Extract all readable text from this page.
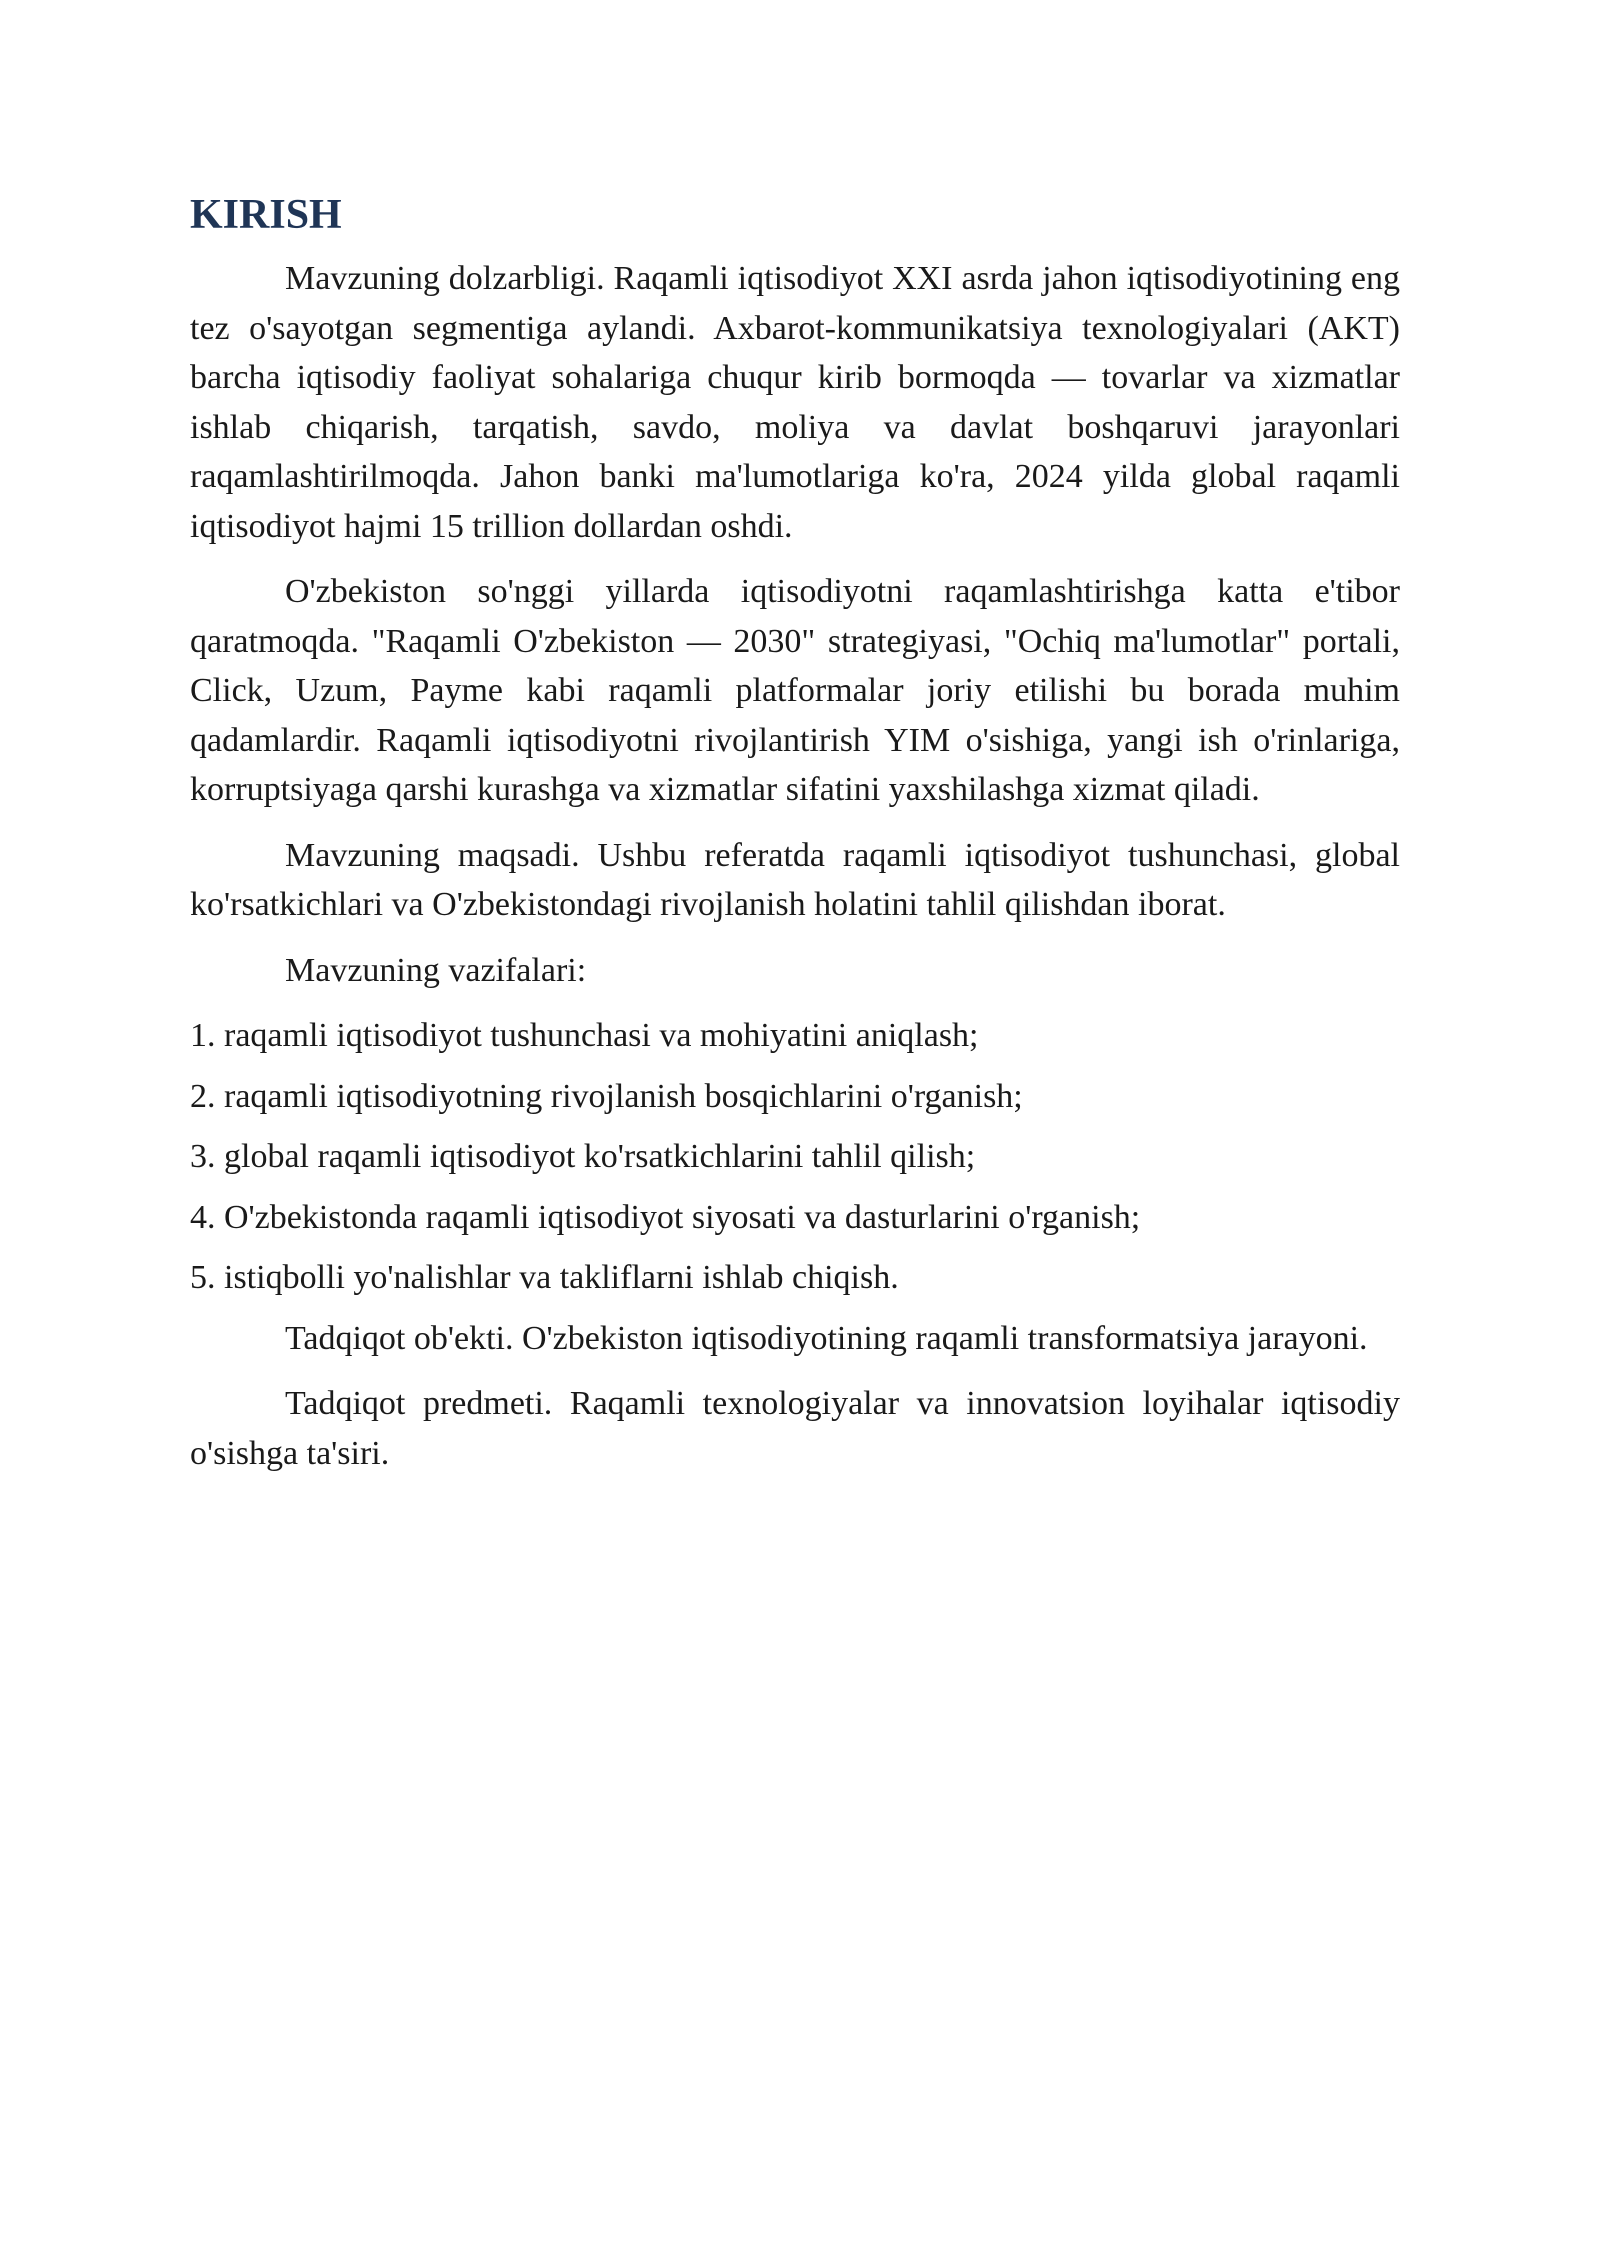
KIRISH

Mavzuning dolzarbligi. Raqamli iqtisodiyot XXI asrda jahon iqtisodiyotining eng tez o'sayotgan segmentiga aylandi. Axbarot-kommunikatsiya texnologiyalari (AKT) barcha iqtisodiy faoliyat sohalariga chuqur kirib bormoqda — tovarlar va xizmatlar ishlab chiqarish, tarqatish, savdo, moliya va davlat boshqaruvi jarayonlari raqamlashtirilmoqda. Jahon banki ma'lumotlariga ko'ra, 2024 yilda global raqamli iqtisodiyot hajmi 15 trillion dollardan oshdi.

O'zbekiston so'nggi yillarda iqtisodiyotni raqamlashtirishga katta e'tibor qaratmoqda. "Raqamli O'zbekiston — 2030" strategiyasi, "Ochiq ma'lumotlar" portali, Click, Uzum, Payme kabi raqamli platformalar joriy etilishi bu borada muhim qadamlardir. Raqamli iqtisodiyotni rivojlantirish YIM o'sishiga, yangi ish o'rinlariga, korruptsiyaga qarshi kurashga va xizmatlar sifatini yaxshilashga xizmat qiladi.

Mavzuning maqsadi. Ushbu referatda raqamli iqtisodiyot tushunchasi, global ko'rsatkichlari va O'zbekistondagi rivojlanish holatini tahlil qilishdan iborat.

Mavzuning vazifalari:

1. raqamli iqtisodiyot tushunchasi va mohiyatini aniqlash;
2. raqamli iqtisodiyotning rivojlanish bosqichlarini o'rganish;
3. global raqamli iqtisodiyot ko'rsatkichlarini tahlil qilish;
4. O'zbekistonda raqamli iqtisodiyot siyosati va dasturlarini o'rganish;
5. istiqbolli yo'nalishlar va takliflarni ishlab chiqish.

Tadqiqot ob'ekti. O'zbekiston iqtisodiyotining raqamli transformatsiya jarayoni.

Tadqiqot predmeti. Raqamli texnologiyalar va innovatsion loyihalar iqtisodiy o'sishga ta'siri.
